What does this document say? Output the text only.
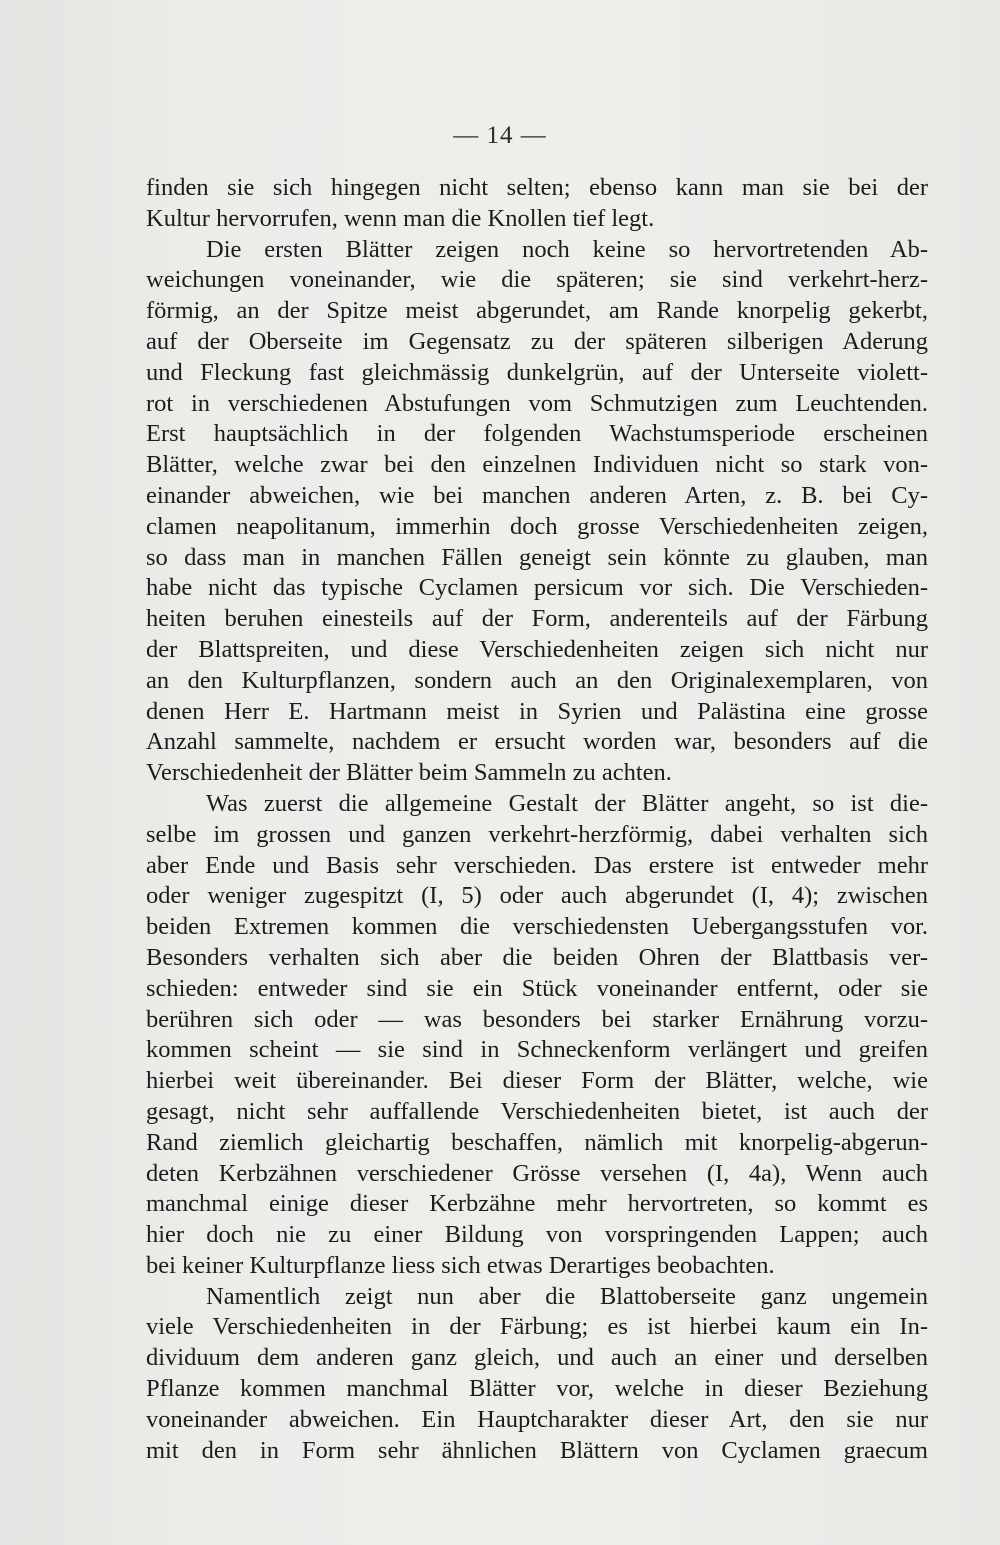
— 14 —
finden sie sich hingegen nicht selten; ebenso kann man sie bei der
Kultur hervorrufen, wenn man die Knollen tief legt.
Die ersten Blätter zeigen noch keine so hervortretenden Ab-
weichungen voneinander, wie die späteren; sie sind verkehrt-herz-
förmig, an der Spitze meist abgerundet, am Rande knorpelig gekerbt,
auf der Oberseite im Gegensatz zu der späteren silberigen Aderung
und Fleckung fast gleichmässig dunkelgrün, auf der Unterseite violett-
rot in verschiedenen Abstufungen vom Schmutzigen zum Leuchtenden.
Erst hauptsächlich in der folgenden Wachstumsperiode erscheinen
Blätter, welche zwar bei den einzelnen Individuen nicht so stark von-
einander abweichen, wie bei manchen anderen Arten, z. B. bei Cy-
clamen neapolitanum, immerhin doch grosse Verschiedenheiten zeigen,
so dass man in manchen Fällen geneigt sein könnte zu glauben, man
habe nicht das typische Cyclamen persicum vor sich. Die Verschieden-
heiten beruhen einesteils auf der Form, anderenteils auf der Färbung
der Blattspreiten, und diese Verschiedenheiten zeigen sich nicht nur
an den Kulturpflanzen, sondern auch an den Originalexemplaren, von
denen Herr E. Hartmann meist in Syrien und Palästina eine grosse
Anzahl sammelte, nachdem er ersucht worden war, besonders auf die
Verschiedenheit der Blätter beim Sammeln zu achten.
Was zuerst die allgemeine Gestalt der Blätter angeht, so ist die-
selbe im grossen und ganzen verkehrt-herzförmig, dabei verhalten sich
aber Ende und Basis sehr verschieden. Das erstere ist entweder mehr
oder weniger zugespitzt (I, 5) oder auch abgerundet (I, 4); zwischen
beiden Extremen kommen die verschiedensten Uebergangsstufen vor.
Besonders verhalten sich aber die beiden Ohren der Blattbasis ver-
schieden: entweder sind sie ein Stück voneinander entfernt, oder sie
berühren sich oder — was besonders bei starker Ernährung vorzu-
kommen scheint — sie sind in Schneckenform verlängert und greifen
hierbei weit übereinander. Bei dieser Form der Blätter, welche, wie
gesagt, nicht sehr auffallende Verschiedenheiten bietet, ist auch der
Rand ziemlich gleichartig beschaffen, nämlich mit knorpelig-abgerun-
deten Kerbzähnen verschiedener Grösse versehen (I, 4a), Wenn auch
manchmal einige dieser Kerbzähne mehr hervortreten, so kommt es
hier doch nie zu einer Bildung von vorspringenden Lappen; auch
bei keiner Kulturpflanze liess sich etwas Derartiges beobachten.
Namentlich zeigt nun aber die Blattoberseite ganz ungemein
viele Verschiedenheiten in der Färbung; es ist hierbei kaum ein In-
dividuum dem anderen ganz gleich, und auch an einer und derselben
Pflanze kommen manchmal Blätter vor, welche in dieser Beziehung
voneinander abweichen. Ein Hauptcharakter dieser Art, den sie nur
mit den in Form sehr ähnlichen Blättern von Cyclamen graecum
